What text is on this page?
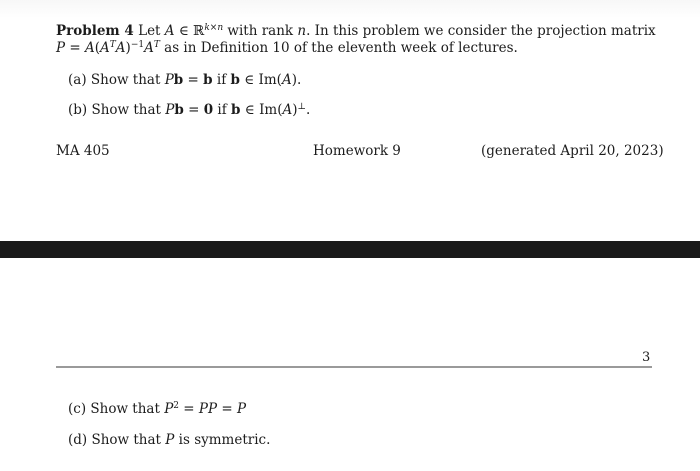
Problem 4 Let A ∈ ℝ$^{k\times n}$ with rank n. In this problem we consider the projection matrix
$P = A(A^TA)^{-1}A^T$ as in Definition 10 of the eleventh week of lectures.
(a) Show that Pb = b if b ∈ Im(A).
(b) Show that Pb = 0 if b ∈ Im(A)⊥.
MA 405	Homework 9	(generated April 20, 2023)
3
(c) Show that $P^2$ = PP = P
(d) Show that P is symmetric.
